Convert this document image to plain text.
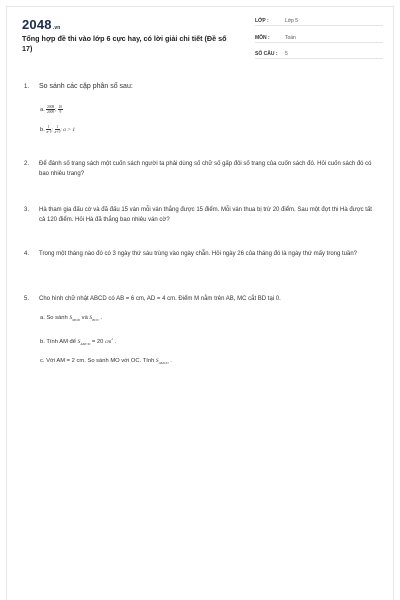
2048.vn
Tổng hợp đề thi vào lớp 6 cực hay, có lời giải chi tiết (Đề số 17)
LỚP :	Lớp 5
MÔN :	Toán
SỐ CÂU : 5
1.	So sánh các cặp phân số sau:
a. $\frac{2008}{2009}$ ; $\frac{10}{9}$
b. $\frac{1}{a-1}$ ; $\frac{1}{a+1}$ ; a > 1
2.	Để đánh số trang sách một cuốn sách người ta phải dùng số chữ số gấp đôi số trang của cuốn sách đó. Hỏi cuốn sách đó có bao nhiêu trang?
3.	Hà tham gia đấu cờ và đã đấu 15 ván mỗi ván thắng được 15 điểm. Mỗi ván thua bị trừ 20 điểm. Sau một đợt thi Hà được tất cả 120 điểm. Hỏi Hà đã thắng bao nhiêu ván cờ?
4.	Trong một tháng nào đó có 3 ngày thứ sáu trùng vào ngày chẵn. Hỏi ngày 26 của tháng đó là ngày thứ mấy trong tuần?
5.	Cho hình chữ nhật ABCD có AB = 6 cm, AD = 4 cm. Điểm M nằm trên AB, MC cắt BD tại 0.
a. So sánh $S_{MOD}$ và $S_{BOC}$ .
b. Tính AM để $S_{AMCD} = 20$ $cm^2$ .
c. Với AM = 2 cm. So sánh MO với OC. Tính $S_{AMCD}$ .
